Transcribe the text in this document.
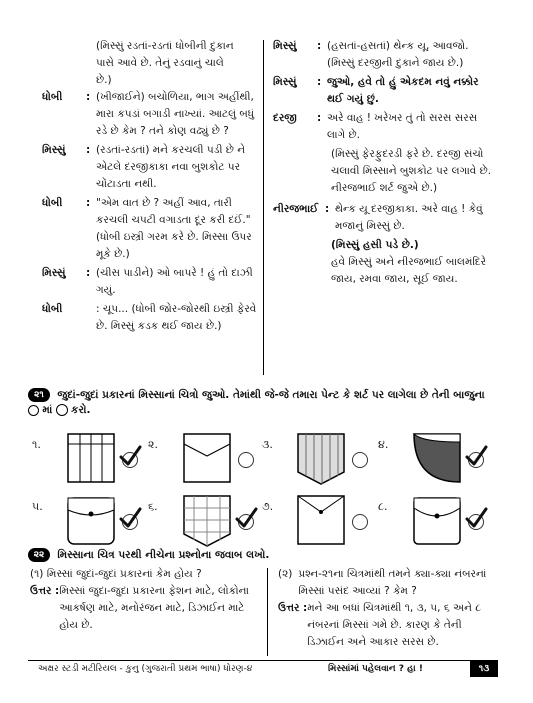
(મિસ્સું રડતાં-રડતાં ધોબીની દુકાન
પાસે આવે છે. તેનું રડવાનું ચાલે
છે.)
ધોબી	: (ખીજાઈને) બચોળિયા, ભાગ અહીંથી, મારા કપડાં બગાડી નાખ્યાં. આટલું બધું રડે છે કેમ ? તને કોણ વઢ્યું છે ?
મિસ્સું	: (રડતાં-રડતાં) મને કરચલી પડી છે ને એટલે દરજીકાકા નવા બુશકોટ પર ચોંટાડતા નથી.
ધોબી	: "એમ વાત છે ? અહીં આવ, તારી કરચલી ચપટી વગાડતા દૂર કરી દઈં." (ધોબી ઇસ્ત્રી ગરમ કરે છે. મિસ્સા ઉપર મૂકે છે.)
મિસ્સું	: (ચીસ પાડીને) ઓ બાપરે ! હું તો દાઝી ગયું.
ધોબી	: ચૂપ... (ધોબી જોર-જોરથી ઇસ્ત્રી ફેરવે છે. મિસ્સું કડક થઈ જાય છે.)
મિસ્સું	: (હસતાં-હસતાં) થેન્ક યૂ, આવજો. (મિસ્સું દરજીની દુકાને જાય છે.)
મિસ્સું	: જુઓ, હવે તો હું એકદમ નવું નક્કોર થઈ ગયું છું.
દરજી	: અરે વાહ ! ખરેખર તું તો સરસ સરસ લાગે છે.
(મિસ્સું ફેરફુદરડી ફરે છે. દરજી સંચો ચલાવી મિસ્સાને બુશકોટ પર લગાવે છે. નીરજભાઈ શર્ટ જુએ છે.)
નીરજભાઈ : થેન્ક યૂ દરજીકાકા. અરે વાહ ! કેવું મજાનું મિસ્સું છે.
(મિસ્સું હસી પડે છે.)
હવે મિસ્સું અને નીરજભાઈ બાલમંદિરે જાય, રમવા જાય, સૂઈ જાય.
૨૧ જુદાં-જુદાં પ્રકારનાં મિસ્સાનાં ચિત્રો જુઓ. તેમાંથી જે-જે તમારા પેન્ટ કે શર્ટ પર લાગેલા છે તેની બાજુના  માં કરો.
૧.	૨.	૩.	૪.
૫.	૬.	૭.	૮.
૨૨ મિસ્સાના ચિત્ર પરથી નીચેના પ્રશ્નોના જવાબ લખો.
(૧) મિસ્સાં જુદાં-જુદાં પ્રકારનાં કેમ હોય ?
ઉત્તર : મિસ્સાં જુદા-જુદા પ્રકારના ફેશન માટે, લોકોના આકર્ષણ માટે, મનોરંજન માટે, ડિઝાઈન માટે હોય છે.
(૨) પ્રશ્ન-૨૧ના ચિત્રમાંથી તમને ક્યા-ક્યા નંબરનાં મિસ્સાં પસંદ આવ્યાં ? કેમ ?
ઉત્તર : મને આ બધાં ચિત્રમાંથી ૧, ૩, ૫, ૬ અને ૮ નંબરનાં મિસ્સાં ગમે છે. કારણ કે તેની ડિઝાઈન અને આકાર સરસ છે.
અક્ષર સ્ટડી મટીરિયલ - કુનુ (ગુજરાતી પ્રથમ ભાષા) ધોરણ-૪	મિસ્સાંમાં પહેલવાન ? હા !	૧૩
